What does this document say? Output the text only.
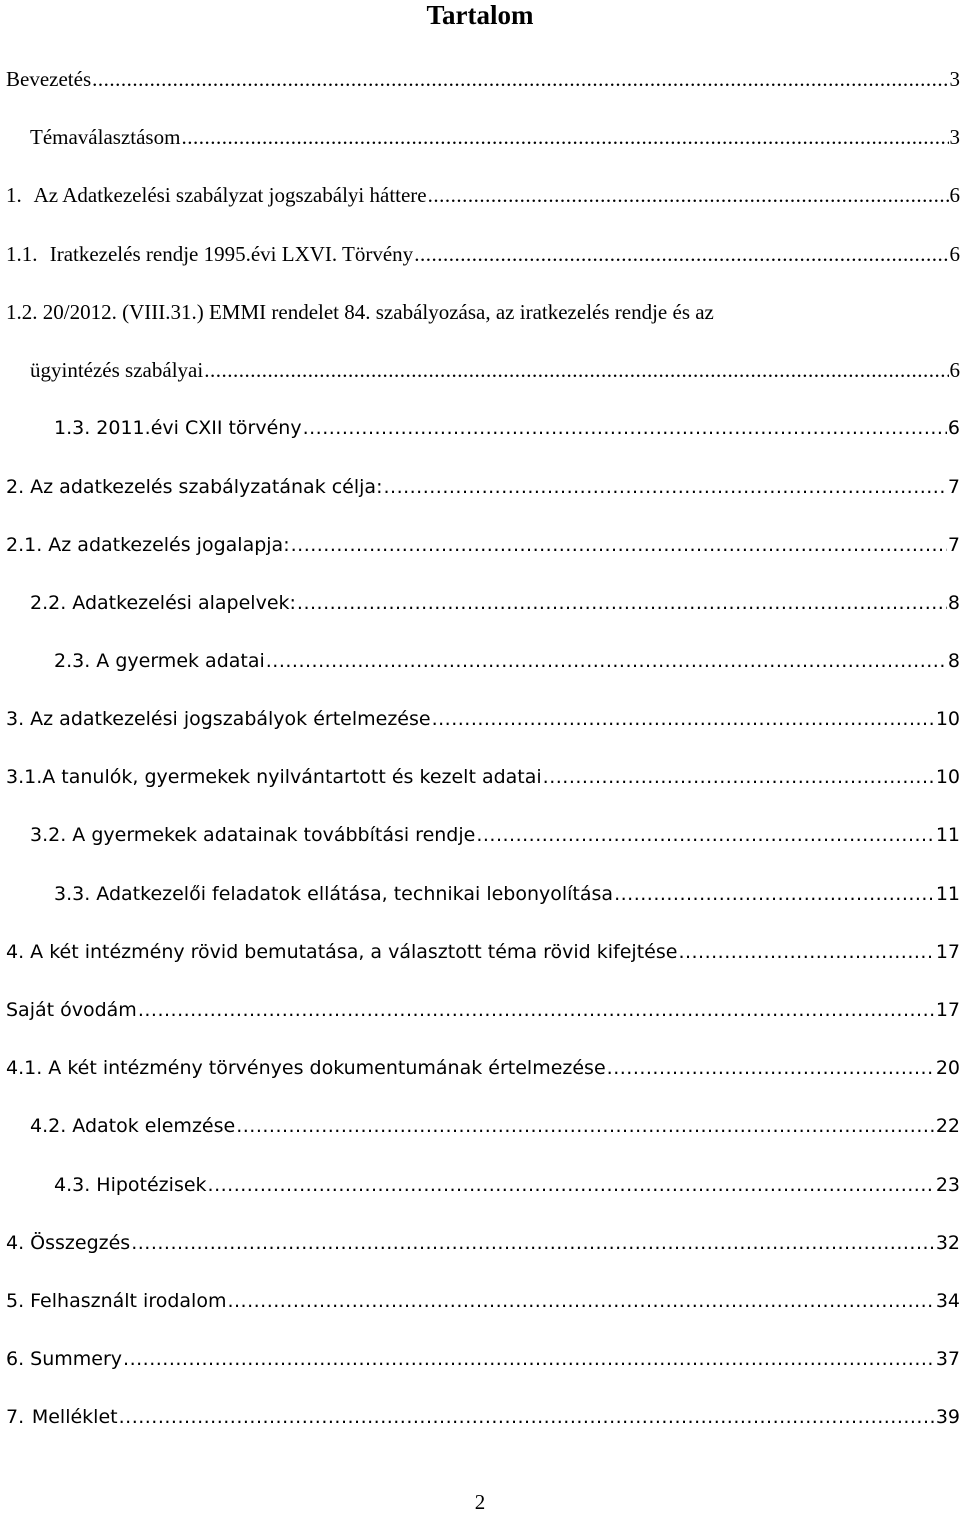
Tartalom
Bevezetés .....	3
Témaválasztásom .....	3
1. Az Adatkezelési szabályzat jogszabályi háttere .....	6
1.1. Iratkezelés rendje 1995.évi LXVI. Törvény .....	6
1.2. 20/2012. (VIII.31.) EMMI rendelet 84. szabályozása, az iratkezelés rendje és az
ügyintézés szabályai .....	6
1.3. 2011.évi CXII törvény .....	6
2. Az adatkezelés szabályzatának célja: .....	7
2.1. Az adatkezelés jogalapja: .....	7
2.2. Adatkezelési alapelvek: .....	8
2.3. A gyermek adatai .....	8
3. Az adatkezelési jogszabályok értelmezése .....	10
3.1.A tanulók, gyermekek nyilvántartott és kezelt adatai .....	10
3.2. A gyermekek adatainak továbbítási rendje .....	11
3.3. Adatkezelői feladatok ellátása, technikai lebonyolítása .....	11
4. A két intézmény rövid bemutatása, a választott téma rövid kifejtése .....	17
Saját óvodám .....	17
4.1. A két intézmény törvényes dokumentumának értelmezése .....	20
4.2. Adatok elemzése .....	22
4.3. Hipotézisek .....	23
4. Összegzés .....	32
5. Felhasznált irodalom .....	34
6. Summery .....	37
7. Melléklet .....	39
2
